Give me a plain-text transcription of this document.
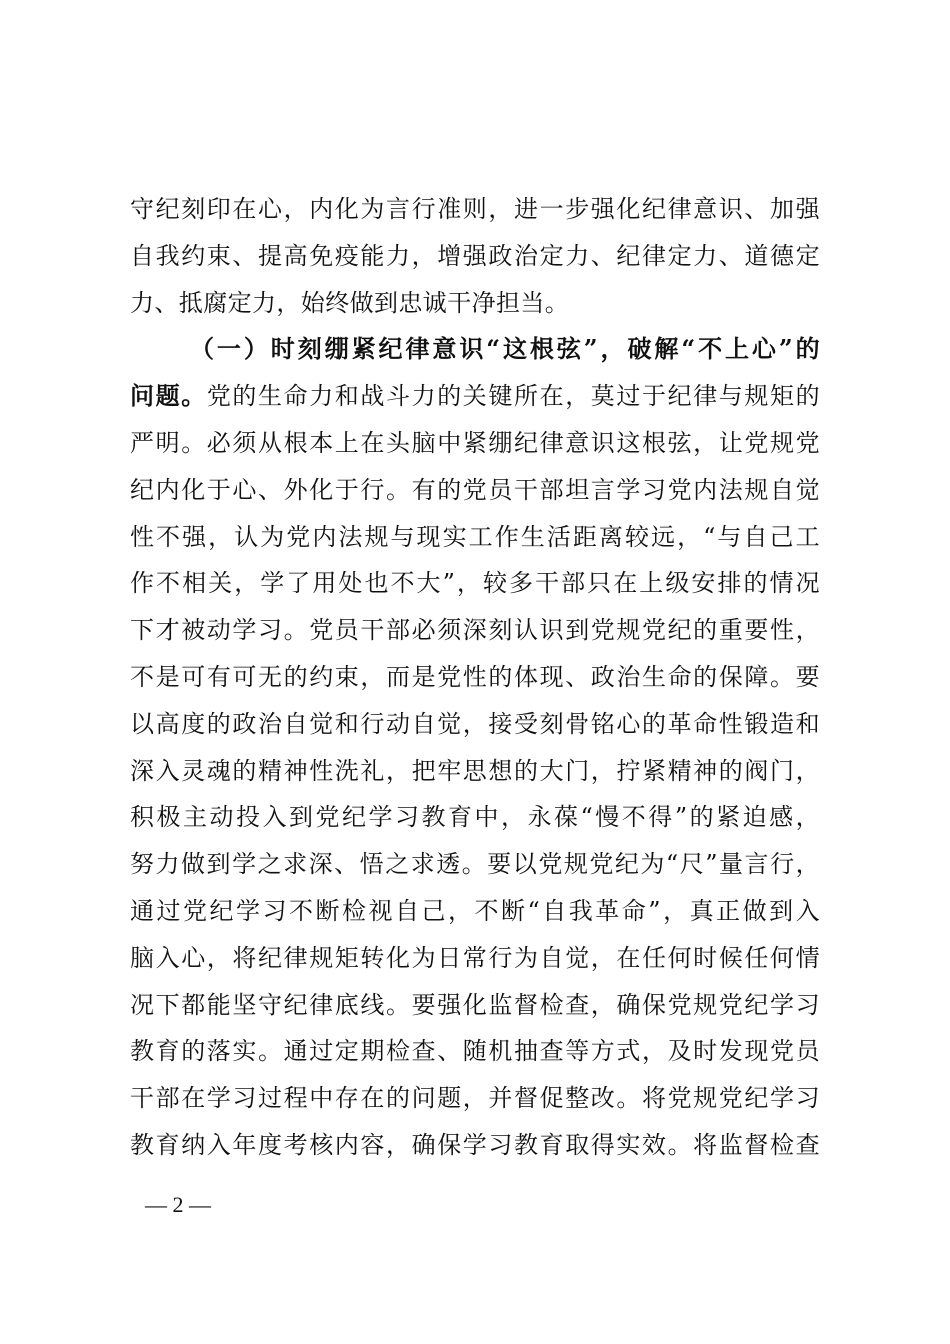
守纪刻印在心，内化为言行准则，进一步强化纪律意识、加强
自我约束、提高免疫能力，增强政治定力、纪律定力、道德定
力、抵腐定力，始终做到忠诚干净担当。
（一）时刻绷紧纪律意识“这根弦”，破解“不上心”的
问题。党的生命力和战斗力的关键所在，莫过于纪律与规矩的
严明。必须从根本上在头脑中紧绷纪律意识这根弦，让党规党
纪内化于心、外化于行。有的党员干部坦言学习党内法规自觉
性不强，认为党内法规与现实工作生活距离较远，“与自己工
作不相关，学了用处也不大”，较多干部只在上级安排的情况
下才被动学习。党员干部必须深刻认识到党规党纪的重要性，
不是可有可无的约束，而是党性的体现、政治生命的保障。要
以高度的政治自觉和行动自觉，接受刻骨铭心的革命性锻造和
深入灵魂的精神性洗礼，把牢思想的大门，拧紧精神的阀门，
积极主动投入到党纪学习教育中，永葆“慢不得”的紧迫感，
努力做到学之求深、悟之求透。要以党规党纪为“尺”量言行，
通过党纪学习不断检视自己，不断“自我革命”，真正做到入
脑入心，将纪律规矩转化为日常行为自觉，在任何时候任何情
况下都能坚守纪律底线。要强化监督检查，确保党规党纪学习
教育的落实。通过定期检查、随机抽查等方式，及时发现党员
干部在学习过程中存在的问题，并督促整改。将党规党纪学习
教育纳入年度考核内容，确保学习教育取得实效。将监督检查
— 2 —
